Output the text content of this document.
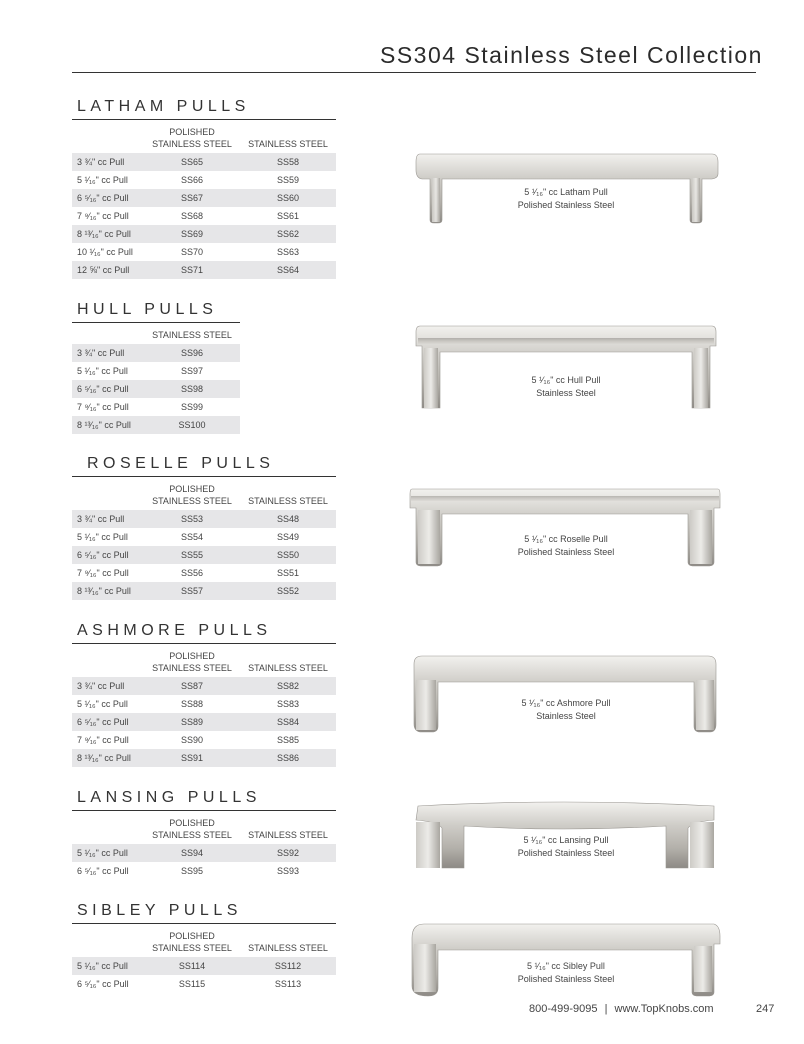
SS304 Stainless Steel Collection
LATHAM PULLS
	POLISHED
STAINLESS STEEL	STAINLESS STEEL
3 ¾" cc Pull	SS65	SS58
5 ¹⁄₁₆" cc Pull	SS66	SS59
6 ⁵⁄₁₆" cc Pull	SS67	SS60
7 ⁹⁄₁₆" cc Pull	SS68	SS61
8 ¹³⁄₁₆" cc Pull	SS69	SS62
10 ¹⁄₁₆" cc Pull	SS70	SS63
12 ⅝" cc Pull	SS71	SS64
HULL PULLS
	STAINLESS STEEL
3 ¾" cc Pull	SS96
5 ¹⁄₁₆" cc Pull	SS97
6 ⁵⁄₁₆" cc Pull	SS98
7 ⁹⁄₁₆" cc Pull	SS99
8 ¹³⁄₁₆" cc Pull	SS100
ROSELLE PULLS
	POLISHED
STAINLESS STEEL	STAINLESS STEEL
3 ¾" cc Pull	SS53	SS48
5 ¹⁄₁₆" cc Pull	SS54	SS49
6 ⁵⁄₁₆" cc Pull	SS55	SS50
7 ⁹⁄₁₆" cc Pull	SS56	SS51
8 ¹³⁄₁₆" cc Pull	SS57	SS52
ASHMORE PULLS
	POLISHED
STAINLESS STEEL	STAINLESS STEEL
3 ¾" cc Pull	SS87	SS82
5 ¹⁄₁₆" cc Pull	SS88	SS83
6 ⁵⁄₁₆" cc Pull	SS89	SS84
7 ⁹⁄₁₆" cc Pull	SS90	SS85
8 ¹³⁄₁₆" cc Pull	SS91	SS86
LANSING PULLS
	POLISHED
STAINLESS STEEL	STAINLESS STEEL
5 ¹⁄₁₆" cc Pull	SS94	SS92
6 ⁵⁄₁₆" cc Pull	SS95	SS93
SIBLEY PULLS
	POLISHED
STAINLESS STEEL	STAINLESS STEEL
5 ¹⁄₁₆" cc Pull	SS114	SS112
6 ⁵⁄₁₆" cc Pull	SS115	SS113
5 ¹⁄₁₆" cc Latham Pull
Polished Stainless Steel
5 ¹⁄₁₆" cc Hull Pull
Stainless Steel
5 ¹⁄₁₆" cc Roselle Pull
Polished Stainless Steel
5 ¹⁄₁₆" cc Ashmore Pull
Stainless Steel
5 ¹⁄₁₆" cc Lansing Pull
Polished Stainless Steel
5 ¹⁄₁₆" cc Sibley Pull
Polished Stainless Steel
800-499-9095 | www.TopKnobs.com	247
